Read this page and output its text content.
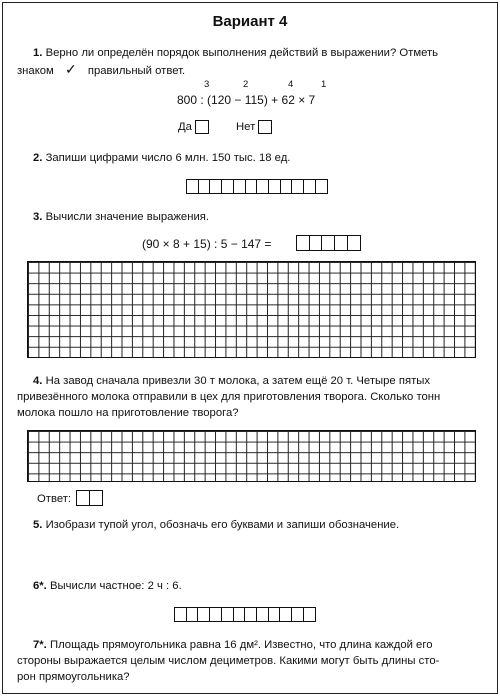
Вариант 4
1. Верно ли определён порядок выполнения действий в выражении? Отметь
знаком ✓ правильный ответ.
3	2	4	1
800 : (120 − 115) + 62 × 7
Да	Нет
2. Запиши цифрами число 6 млн. 150 тыс. 18 ед.
3. Вычисли значение выражения.
(90 × 8 + 15) : 5 − 147 =
4. На завод сначала привезли 30 т молока, а затем ещё 20 т. Четыре пятых
привезённого молока отправили в цех для приготовления творога. Сколько тонн
молока пошло на приготовление творога?
Ответ:
5. Изобрази тупой угол, обозначь его буквами и запиши обозначение.
6*. Вычисли частное: 2 ч : 6.
7*. Площадь прямоугольника равна 16 дм². Известно, что длина каждой его
стороны выражается целым числом дециметров. Какими могут быть длины сто-
рон прямоугольника?
